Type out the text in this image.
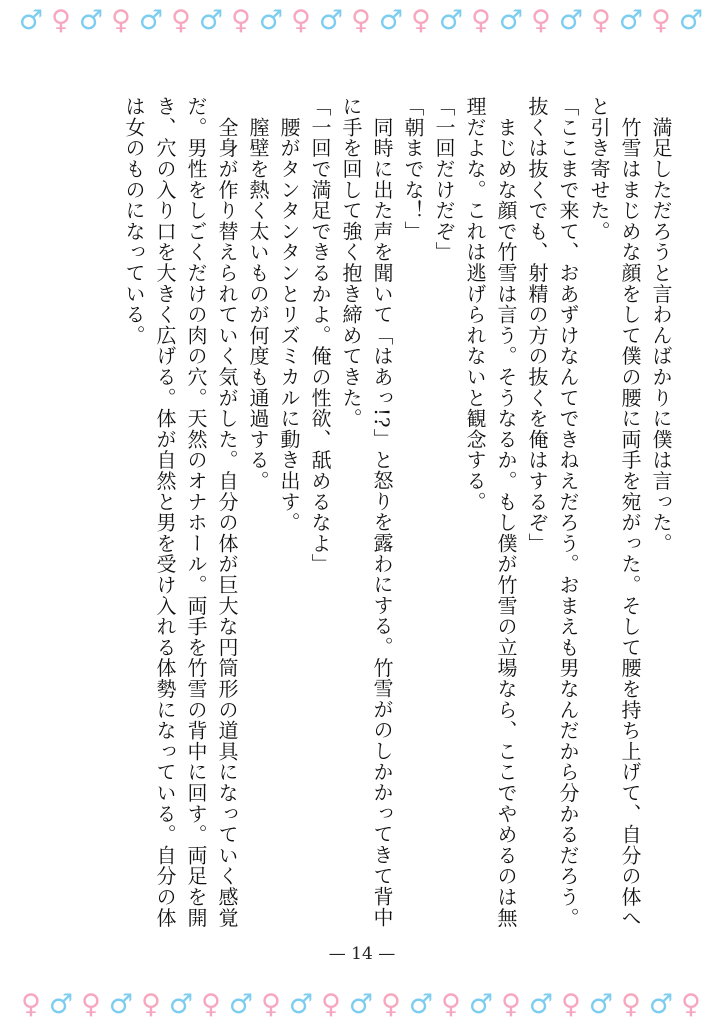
♂ ♀ ♂ ♀ ♂ ♀ ♂ ♀ ♂ ♀ ♂ ♀ ♂ ♀ ♂ ♀ ♂ ♀ ♂ ♀ ♂ ♀ ♂

　満足しただろうと言わんばかりに僕は言った。

　竹雪はまじめな顔をして僕の腰に両手を宛がった。そして腰を持ち上げて、自分の体へ

と引き寄せた。

「ここまで来て、おあずけなんてできねえだろう。おまえも男なんだから分かるだろう。

抜くは抜くでも、射精の方の抜くを俺はするぞ」

　まじめな顔で竹雪は言う。そうなるか。もし僕が竹雪の立場なら、ここでやめるのは無

理だよな。これは逃げられないと観念する。

「一回だけだぞ」

「朝までな！」

　同時に出た声を聞いて「はあっ!?」と怒りを露わにする。竹雪がのしかかってきて背中

に手を回して強く抱き締めてきた。

「一回で満足できるかよ。俺の性欲、舐めるなよ」

　腰がタンタンタンとリズミカルに動き出す。

　膣壁を熱く太いものが何度も通過する。

　全身が作り替えられていく気がした。自分の体が巨大な円筒形の道具になっていく感覚

だ。男性をしごくだけの肉の穴。天然のオナホール。両手を竹雪の背中に回す。両足を開

き、穴の入り口を大きく広げる。体が自然と男を受け入れる体勢になっている。自分の体

は女のものになっている。

— 14 —
♀ ♂ ♀ ♂ ♀ ♂ ♀ ♂ ♀ ♂ ♀ ♂ ♀ ♂ ♀ ♂ ♀ ♂ ♀ ♂ ♀ ♂ ♀
